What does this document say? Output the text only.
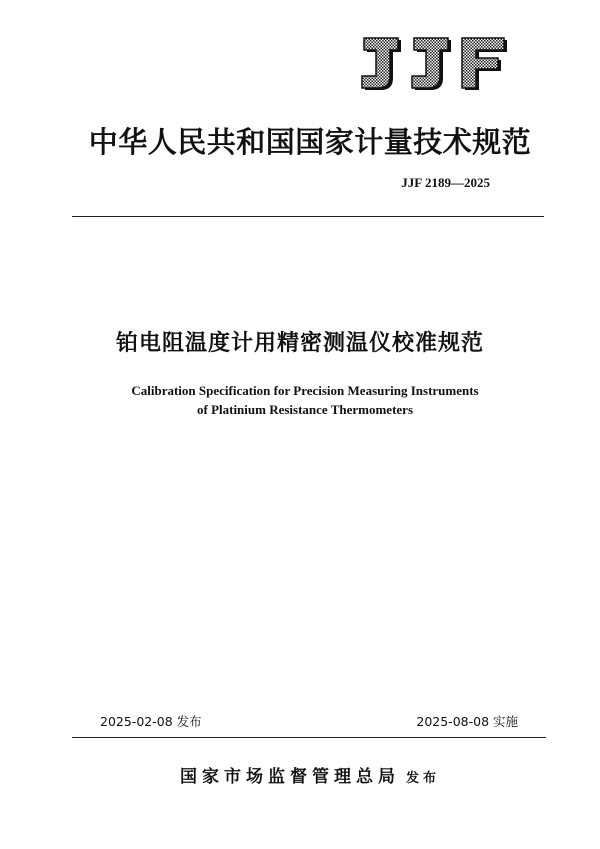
中华人民共和国国家计量技术规范
JJF 2189—2025
铂电阻温度计用精密测温仪校准规范
Calibration Specification for Precision Measuring Instruments
of Platinium Resistance Thermometers
2025-02-08 发布	2025-08-08 实施
国家市场监督管理总局 发布
